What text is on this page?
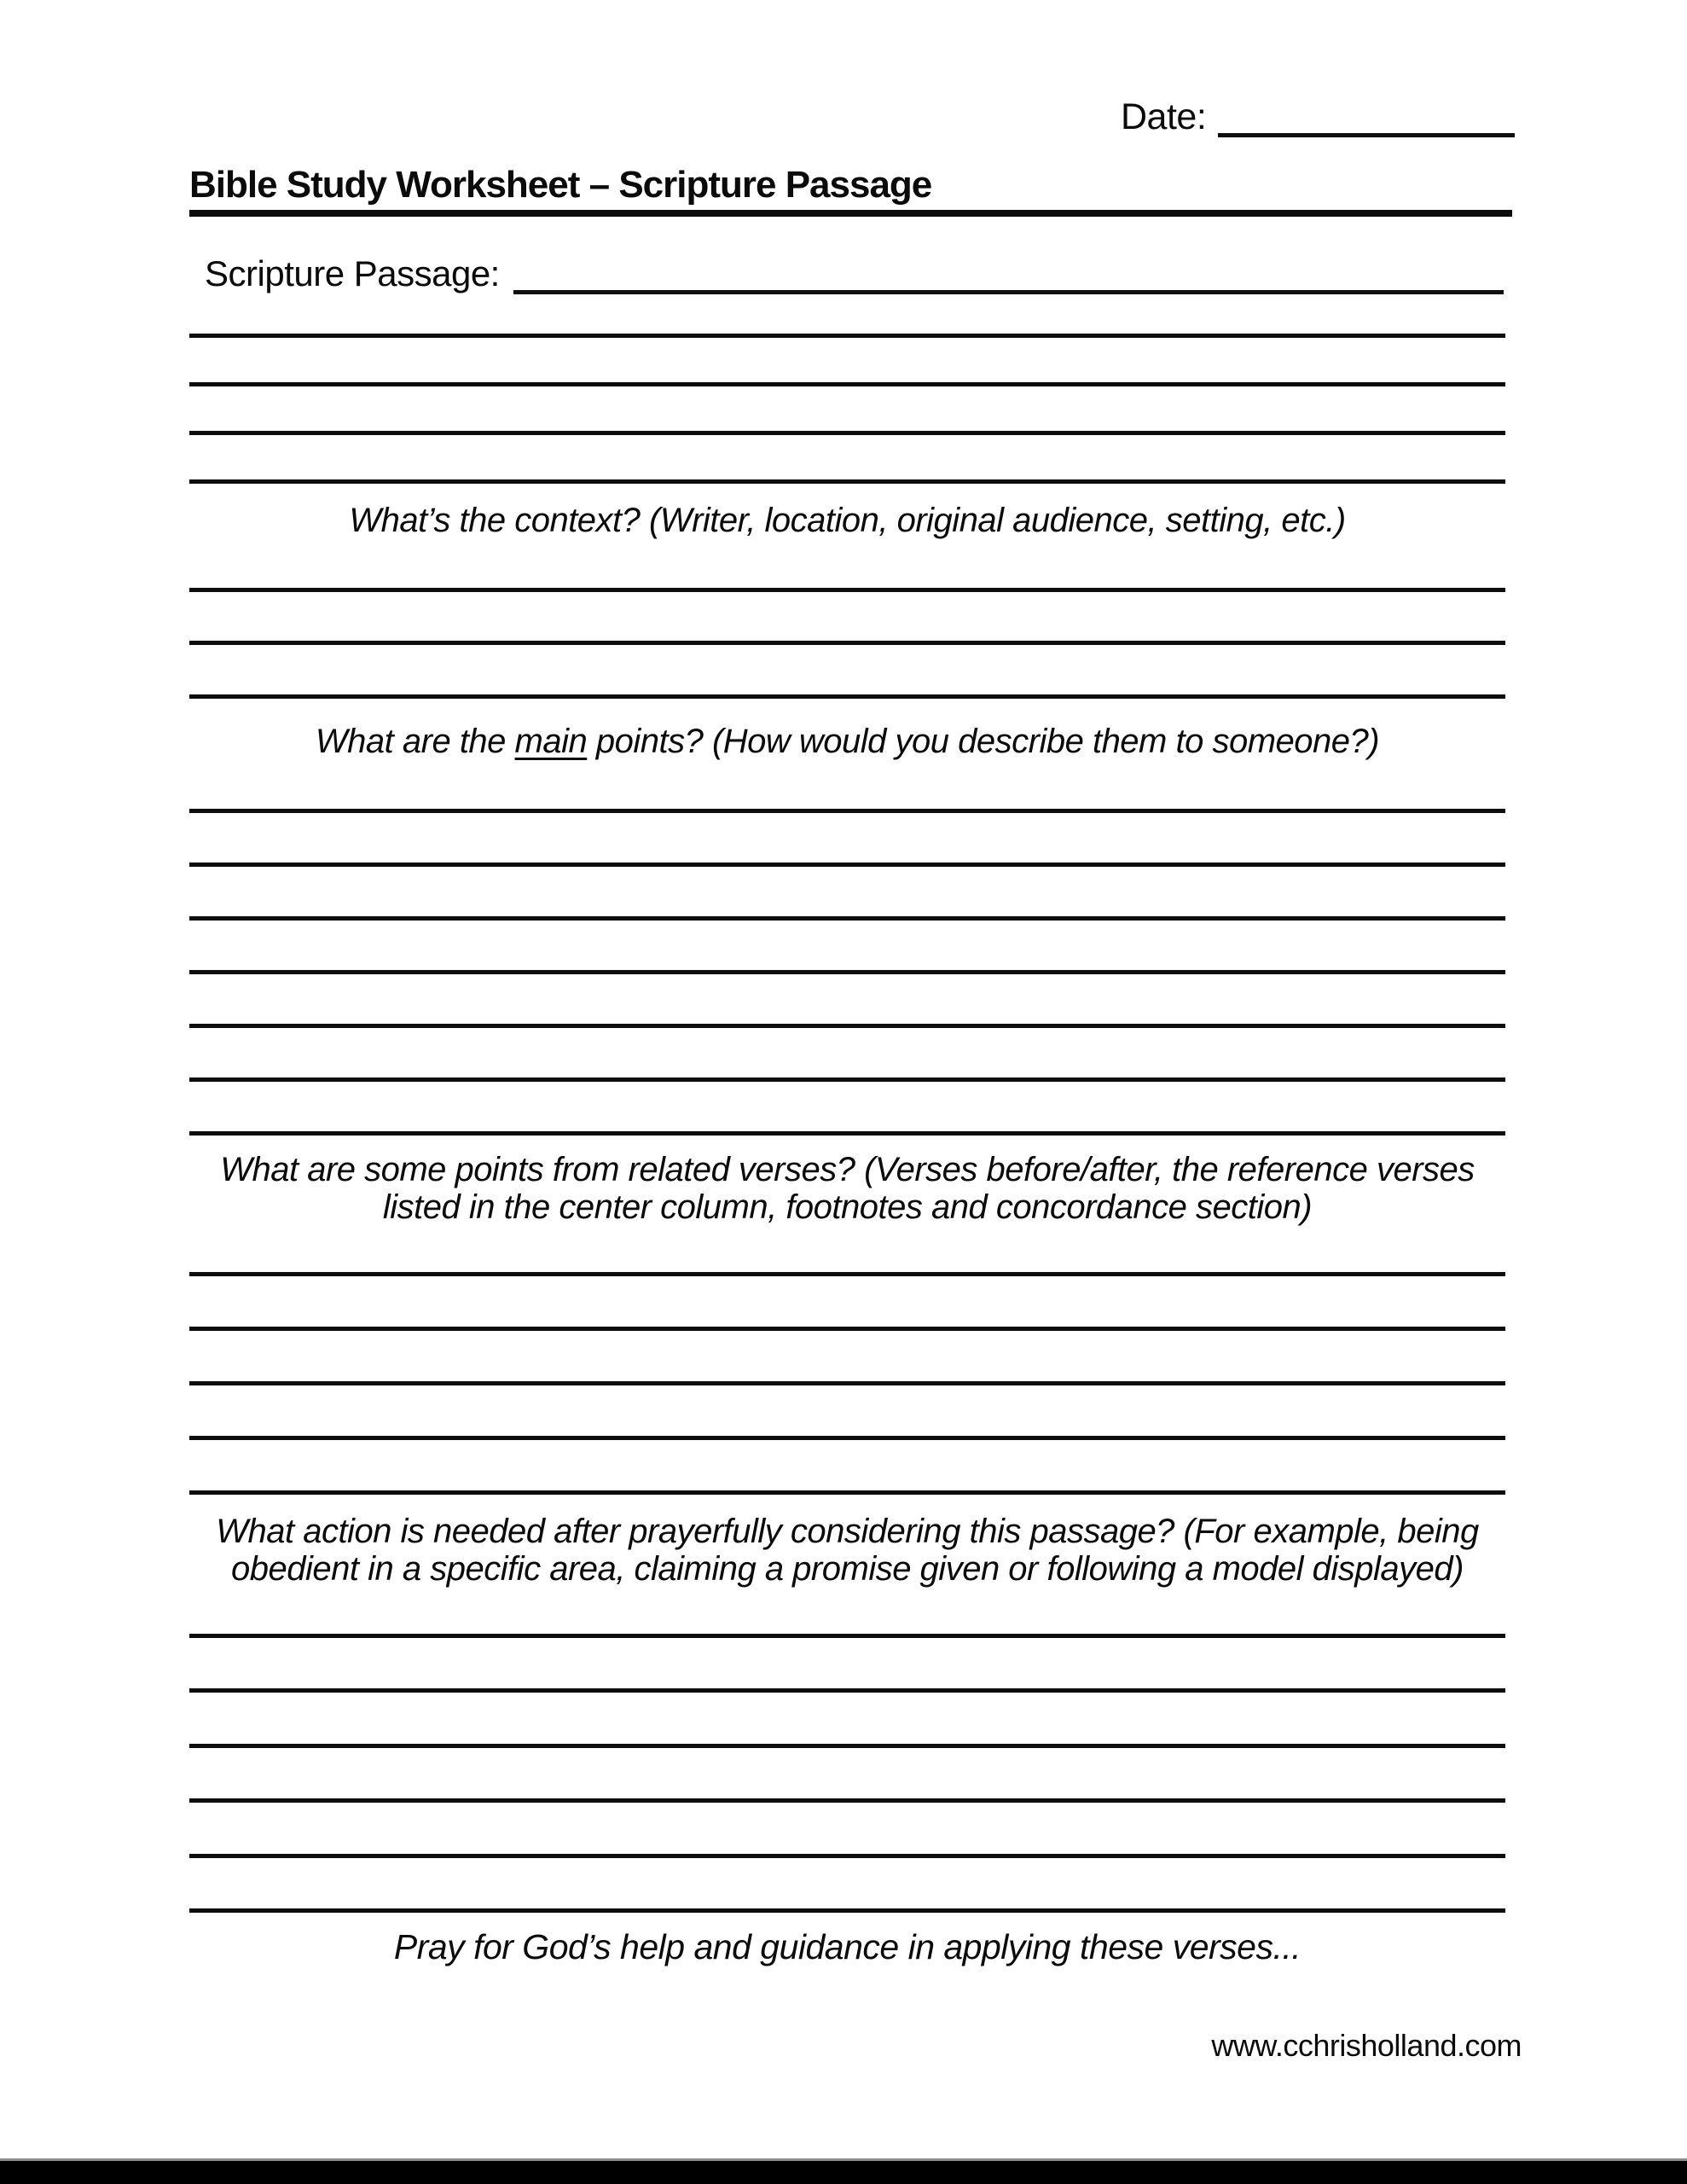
Date:
Bible Study Worksheet – Scripture Passage
Scripture Passage:
What’s the context? (Writer, location, original audience, setting, etc.)
What are the main points? (How would you describe them to someone?)
What are some points from related verses? (Verses before/after, the reference verses
listed in the center column, footnotes and concordance section)
What action is needed after prayerfully considering this passage? (For example, being
obedient in a specific area, claiming a promise given or following a model displayed)
Pray for God’s help and guidance in applying these verses...
www.cchrisholland.com
